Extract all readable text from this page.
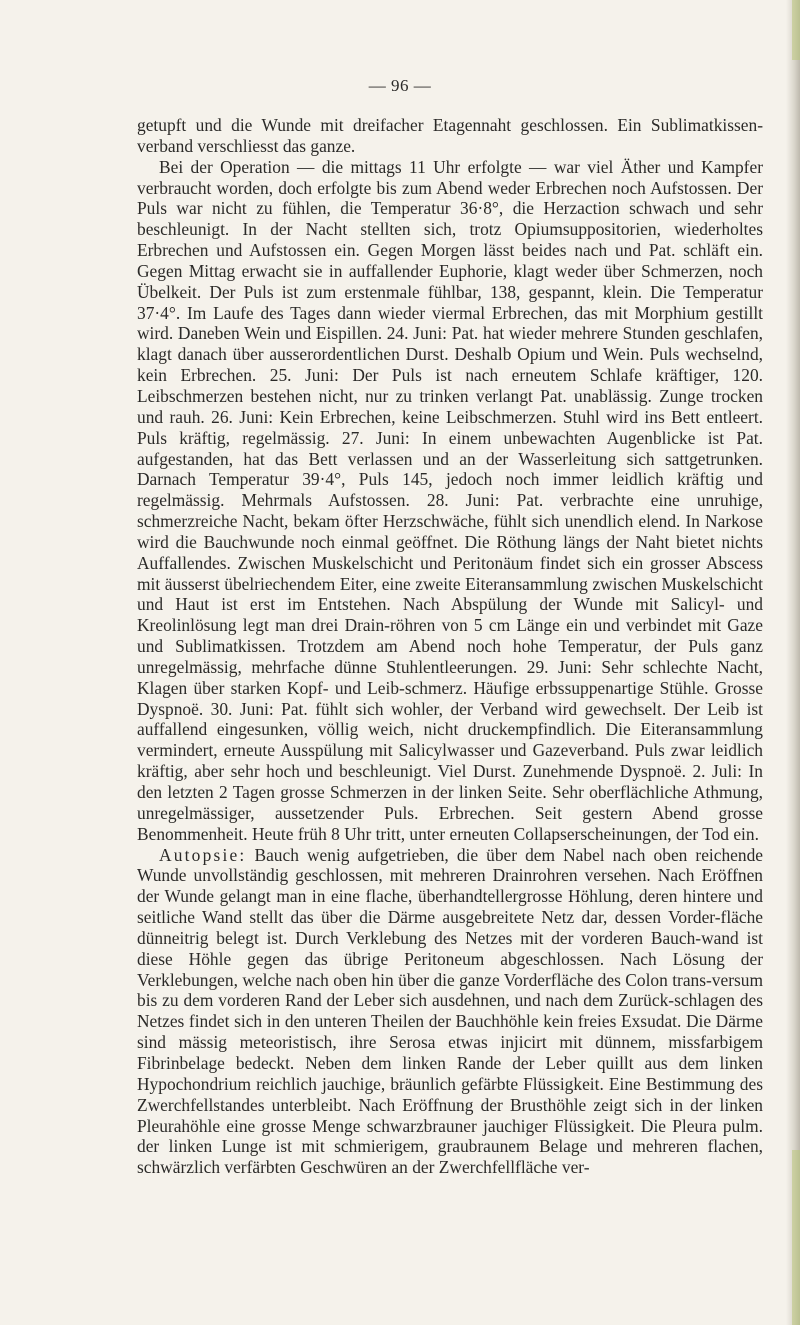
— 96 —

getupft und die Wunde mit dreifacher Etagennaht geschlossen. Ein Sublimatkissen-verband verschliesst das ganze.

Bei der Operation — die mittags 11 Uhr erfolgte — war viel Äther und Kampfer verbraucht worden, doch erfolgte bis zum Abend weder Erbrechen noch Aufstossen. Der Puls war nicht zu fühlen, die Temperatur 36·8°, die Herzaction schwach und sehr beschleunigt. In der Nacht stellten sich, trotz Opiumsuppositorien, wiederholtes Erbrechen und Aufstossen ein. Gegen Morgen lässt beides nach und Pat. schläft ein. Gegen Mittag erwacht sie in auffallender Euphorie, klagt weder über Schmerzen, noch Übelkeit. Der Puls ist zum erstenmale fühlbar, 138, gespannt, klein. Die Temperatur 37·4°. Im Laufe des Tages dann wieder viermal Erbrechen, das mit Morphium gestillt wird. Daneben Wein und Eispillen. 24. Juni: Pat. hat wieder mehrere Stunden geschlafen, klagt danach über ausserordentlichen Durst. Deshalb Opium und Wein. Puls wechselnd, kein Erbrechen. 25. Juni: Der Puls ist nach erneutem Schlafe kräftiger, 120. Leibschmerzen bestehen nicht, nur zu trinken verlangt Pat. unablässig. Zunge trocken und rauh. 26. Juni: Kein Erbrechen, keine Leibschmerzen. Stuhl wird ins Bett entleert. Puls kräftig, regelmässig. 27. Juni: In einem unbewachten Augenblicke ist Pat. aufgestanden, hat das Bett verlassen und an der Wasserleitung sich sattgetrunken. Darnach Temperatur 39·4°, Puls 145, jedoch noch immer leidlich kräftig und regelmässig. Mehrmals Aufstossen. 28. Juni: Pat. verbrachte eine unruhige, schmerzreiche Nacht, bekam öfter Herzschwäche, fühlt sich unendlich elend. In Narkose wird die Bauchwunde noch einmal geöffnet. Die Röthung längs der Naht bietet nichts Auffallendes. Zwischen Muskelschicht und Peritonäum findet sich ein grosser Abscess mit äusserst übelriechendem Eiter, eine zweite Eiteransammlung zwischen Muskelschicht und Haut ist erst im Entstehen. Nach Abspülung der Wunde mit Salicyl- und Kreolinlösung legt man drei Drain-röhren von 5 cm Länge ein und verbindet mit Gaze und Sublimatkissen. Trotzdem am Abend noch hohe Temperatur, der Puls ganz unregelmässig, mehrfache dünne Stuhlentleerungen. 29. Juni: Sehr schlechte Nacht, Klagen über starken Kopf- und Leib-schmerz. Häufige erbssuppenartige Stühle. Grosse Dyspnoë. 30. Juni: Pat. fühlt sich wohler, der Verband wird gewechselt. Der Leib ist auffallend eingesunken, völlig weich, nicht druckempfindlich. Die Eiteransammlung vermindert, erneute Ausspülung mit Salicylwasser und Gazeverband. Puls zwar leidlich kräftig, aber sehr hoch und beschleunigt. Viel Durst. Zunehmende Dyspnoë. 2. Juli: In den letzten 2 Tagen grosse Schmerzen in der linken Seite. Sehr oberflächliche Athmung, unregelmässiger, aussetzender Puls. Erbrechen. Seit gestern Abend grosse Benommenheit. Heute früh 8 Uhr tritt, unter erneuten Collapserscheinungen, der Tod ein.

Autopsie: Bauch wenig aufgetrieben, die über dem Nabel nach oben reichende Wunde unvollständig geschlossen, mit mehreren Drainrohren versehen. Nach Eröffnen der Wunde gelangt man in eine flache, überhandtellergrosse Höhlung, deren hintere und seitliche Wand stellt das über die Därme ausgebreitete Netz dar, dessen Vorder-fläche dünneitrig belegt ist. Durch Verklebung des Netzes mit der vorderen Bauch-wand ist diese Höhle gegen das übrige Peritoneum abgeschlossen. Nach Lösung der Verklebungen, welche nach oben hin über die ganze Vorderfläche des Colon trans-versum bis zu dem vorderen Rand der Leber sich ausdehnen, und nach dem Zurück-schlagen des Netzes findet sich in den unteren Theilen der Bauchhöhle kein freies Exsudat. Die Därme sind mässig meteoristisch, ihre Serosa etwas injicirt mit dünnem, missfarbigem Fibrinbelage bedeckt. Neben dem linken Rande der Leber quillt aus dem linken Hypochondrium reichlich jauchige, bräunlich gefärbte Flüssigkeit. Eine Bestimmung des Zwerchfellstandes unterbleibt. Nach Eröffnung der Brusthöhle zeigt sich in der linken Pleurahöhle eine grosse Menge schwarzbrauner jauchiger Flüssigkeit. Die Pleura pulm. der linken Lunge ist mit schmierigem, graubraunem Belage und mehreren flachen, schwärzlich verfärbten Geschwüren an der Zwerchfellfläche ver-
